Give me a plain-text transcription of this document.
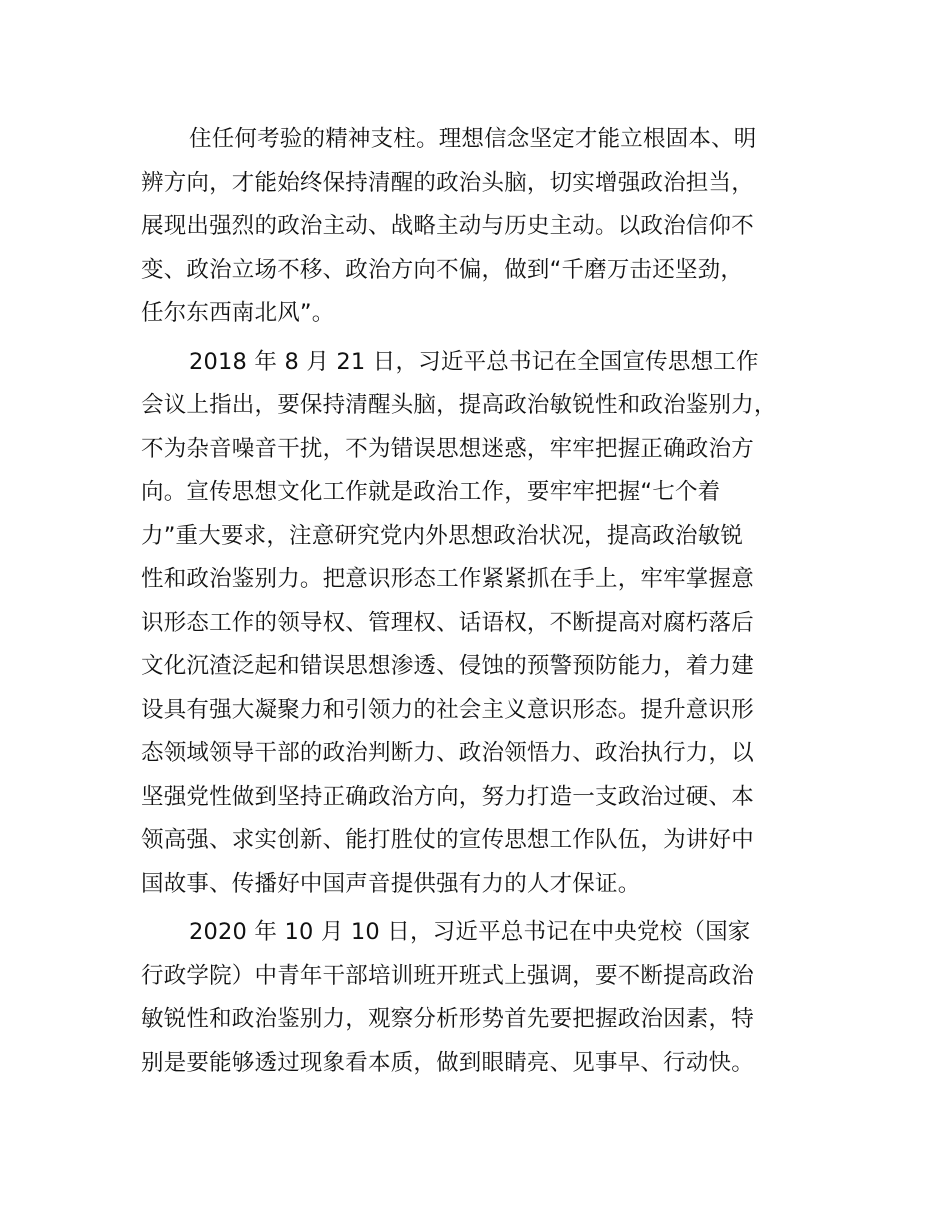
住任何考验的精神支柱。理想信念坚定才能立根固本、明
辨方向，才能始终保持清醒的政治头脑，切实增强政治担当，
展现出强烈的政治主动、战略主动与历史主动。以政治信仰不
变、政治立场不移、政治方向不偏，做到“千磨万击还坚劲，
任尔东西南北风”。
2018 年 8 月 21 日，习近平总书记在全国宣传思想工作
会议上指出，要保持清醒头脑，提高政治敏锐性和政治鉴别力，
不为杂音噪音干扰，不为错误思想迷惑，牢牢把握正确政治方
向。宣传思想文化工作就是政治工作，要牢牢把握“七个着
力”重大要求，注意研究党内外思想政治状况，提高政治敏锐
性和政治鉴别力。把意识形态工作紧紧抓在手上，牢牢掌握意
识形态工作的领导权、管理权、话语权，不断提高对腐朽落后
文化沉渣泛起和错误思想渗透、侵蚀的预警预防能力，着力建
设具有强大凝聚力和引领力的社会主义意识形态。提升意识形
态领域领导干部的政治判断力、政治领悟力、政治执行力，以
坚强党性做到坚持正确政治方向，努力打造一支政治过硬、本
领高强、求实创新、能打胜仗的宣传思想工作队伍，为讲好中
国故事、传播好中国声音提供强有力的人才保证。
2020 年 10 月 10 日，习近平总书记在中央党校（国家
行政学院）中青年干部培训班开班式上强调，要不断提高政治
敏锐性和政治鉴别力，观察分析形势首先要把握政治因素，特
别是要能够透过现象看本质，做到眼睛亮、见事早、行动快。
